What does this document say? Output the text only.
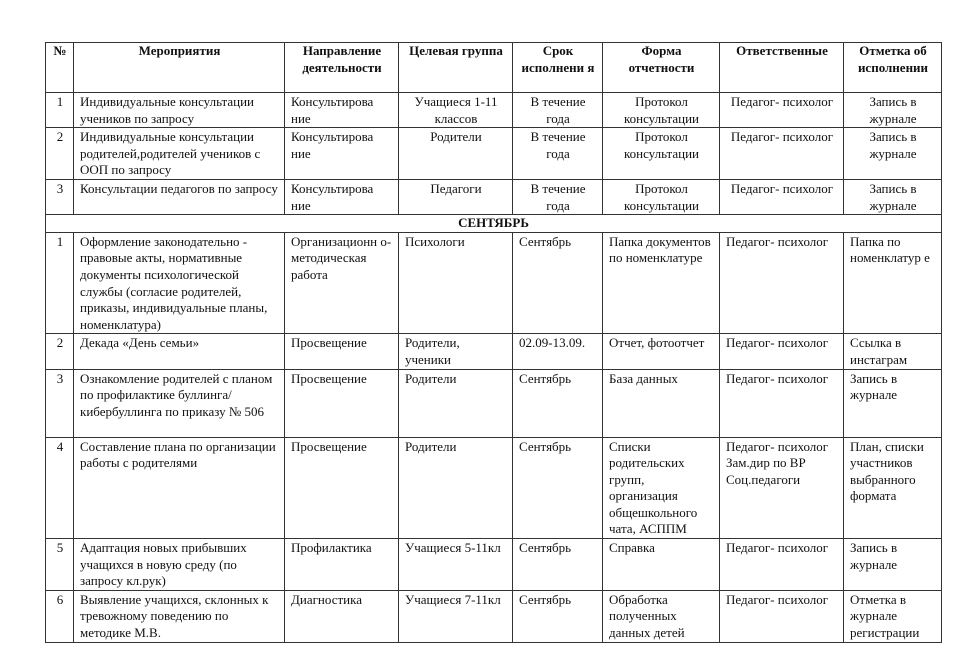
№	Мероприятия	Направление деятельности	Целевая группа	Срок исполнени я	Форма отчетности	Ответственные	Отметка об исполнении
1	Индивидуальные консультации учеников по запросу	Консультирова ние	Учащиеся 1-11 классов	В течение года	Протокол консультации	Педагог- психолог	Запись в журнале
2	Индивидуальные консультации родителей,родителей учеников с ООП по запросу	Консультирова ние	Родители	В течение года	Протокол консультации	Педагог- психолог	Запись в журнале
3	Консультации педагогов по запросу	Консультирова ние	Педагоги	В течение года	Протокол консультации	Педагог- психолог	Запись в журнале
СЕНТЯБРЬ							
1	Оформление законодательно - правовые акты, нормативные документы психологической службы (согласие родителей, приказы, индивидуальные планы, номенклатура)	Организационн о-методическая работа	Психологи	Сентябрь	Папка документов по номенклатуре	Педагог- психолог	Папка по номенклатур е
2	Декада «День семьи»	Просвещение	Родители, ученики	02.09-13.09.	Отчет, фотоотчет	Педагог- психолог	Ссылка в инстаграм
3	Ознакомление родителей с планом по профилактике буллинга/кибербуллинга по приказу № 506	Просвещение	Родители	Сентябрь	База данных	Педагог- психолог	Запись в журнале
4	Составление плана по организации работы с родителями	Просвещение	Родители	Сентябрь	Списки родительских групп, организация общешкольного чата, АСППМ	Педагог- психолог Зам.дир по ВР Соц.педагоги	План, списки участников выбранного формата
5	Адаптация новых прибывших учащихся в новую среду (по запросу кл.рук)	Профилактика	Учащиеся 5-11кл	Сентябрь	Справка	Педагог- психолог	Запись в журнале
6	Выявление учащихся, склонных к тревожному поведению по методике М.В.	Диагностика	Учащиеся 7-11кл	Сентябрь	Обработка полученных данных детей	Педагог- психолог	Отметка в журнале регистрации
